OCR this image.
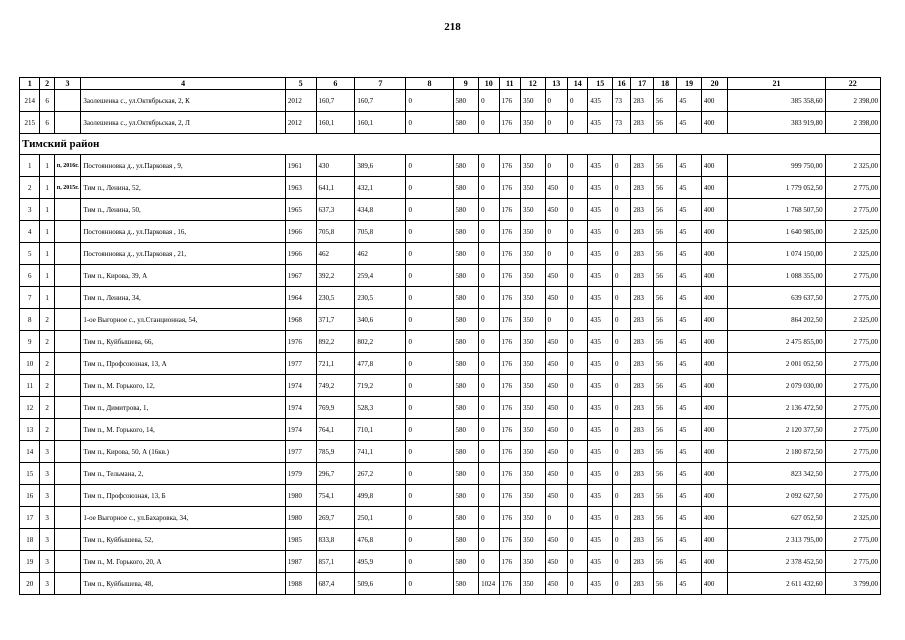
218
1	2	3	4	5	6	7	8	9	10	11	12	13	14	15	16	17	18	19	20	21	22
214	6		Заолешенка с., ул.Октябрьская, 2, К	2012	160,7	160,7	0	580	0	176	350	0	0	435	73	283	56	45	400	385 358,60	2 398,00
215	6		Заолешенка с., ул.Октябрьская, 2, Л	2012	160,1	160,1	0	580	0	176	350	0	0	435	73	283	56	45	400	383 919,80	2 398,00
Тимский район																					
1	1	п, 2016г.	Постоянновка д., ул.Парковая , 9,	1961	430	389,6	0	580	0	176	350	0	0	435	0	283	56	45	400	999 750,00	2 325,00
2	1	п, 2015г.	Тим п., Ленина, 52,	1963	641,1	432,1	0	580	0	176	350	450	0	435	0	283	56	45	400	1 779 052,50	2 775,00
3	1		Тим п., Ленина, 50,	1965	637,3	434,8	0	580	0	176	350	450	0	435	0	283	56	45	400	1 768 507,50	2 775,00
4	1		Постоянновка д., ул.Парковая , 16,	1966	705,8	705,8	0	580	0	176	350	0	0	435	0	283	56	45	400	1 640 985,00	2 325,00
5	1		Постоянновка д., ул.Парковая , 21,	1966	462	462	0	580	0	176	350	0	0	435	0	283	56	45	400	1 074 150,00	2 325,00
6	1		Тим п., Кирова, 39, А	1967	392,2	259,4	0	580	0	176	350	450	0	435	0	283	56	45	400	1 088 355,00	2 775,00
7	1		Тим п., Ленина, 34,	1964	230,5	230,5	0	580	0	176	350	450	0	435	0	283	56	45	400	639 637,50	2 775,00
8	2		1-ое Выгорное с., ул.Станционная, 54,	1968	371,7	340,6	0	580	0	176	350	0	0	435	0	283	56	45	400	864 202,50	2 325,00
9	2		Тим п., Куйбышева, 66,	1976	892,2	802,2	0	580	0	176	350	450	0	435	0	283	56	45	400	2 475 855,00	2 775,00
10	2		Тим п., Профсоюзная, 13, А	1977	721,1	477,8	0	580	0	176	350	450	0	435	0	283	56	45	400	2 001 052,50	2 775,00
11	2		Тим п., М. Горького, 12,	1974	749,2	719,2	0	580	0	176	350	450	0	435	0	283	56	45	400	2 079 030,00	2 775,00
12	2		Тим п., Димитрова, 1,	1974	769,9	528,3	0	580	0	176	350	450	0	435	0	283	56	45	400	2 136 472,50	2 775,00
13	2		Тим п., М. Горького, 14,	1974	764,1	710,1	0	580	0	176	350	450	0	435	0	283	56	45	400	2 120 377,50	2 775,00
14	3		Тим п., Кирова, 50, А (16кв.)	1977	785,9	741,1	0	580	0	176	350	450	0	435	0	283	56	45	400	2 180 872,50	2 775,00
15	3		Тим п., Тельмана, 2,	1979	296,7	267,2	0	580	0	176	350	450	0	435	0	283	56	45	400	823 342,50	2 775,00
16	3		Тим п., Профсоюзная, 13, Б	1980	754,1	499,8	0	580	0	176	350	450	0	435	0	283	56	45	400	2 092 627,50	2 775,00
17	3		1-ое Выгорное с., ул.Бахаровка, 34,	1980	269,7	250,1	0	580	0	176	350	0	0	435	0	283	56	45	400	627 052,50	2 325,00
18	3		Тим п., Куйбышева, 52,	1985	833,8	476,8	0	580	0	176	350	450	0	435	0	283	56	45	400	2 313 795,00	2 775,00
19	3		Тим п., М. Горького, 20, А	1987	857,1	495,9	0	580	0	176	350	450	0	435	0	283	56	45	400	2 378 452,50	2 775,00
20	3		Тим п., Куйбышева, 48,	1988	687,4	509,6	0	580	1024	176	350	450	0	435	0	283	56	45	400	2 611 432,60	3 799,00
